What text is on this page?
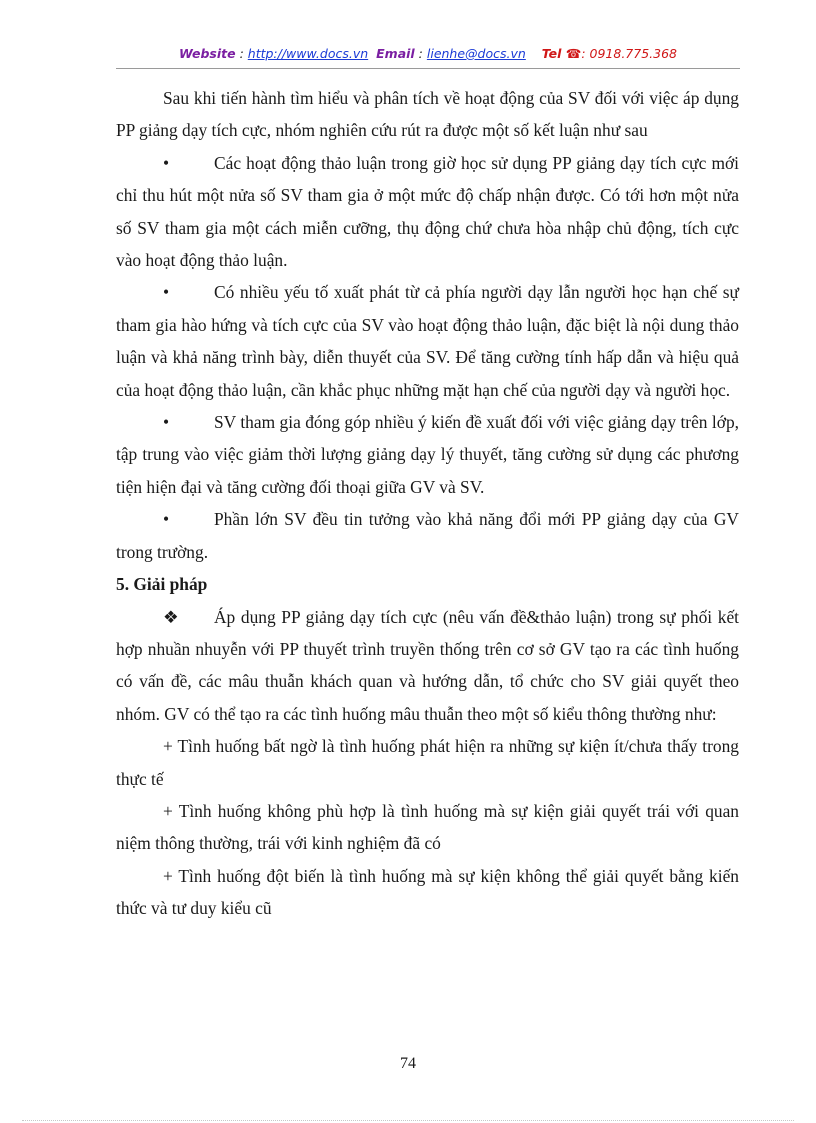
Website : http://www.docs.vn Email : lienhe@docs.vn Tel ☎: 0918.775.368

Sau khi tiến hành tìm hiểu và phân tích về hoạt động của SV đối với việc áp dụng PP giảng dạy tích cực, nhóm nghiên cứu rút ra được một số kết luận như sau

•	Các hoạt động thảo luận trong giờ học sử dụng PP giảng dạy tích cực mới chỉ thu hút một nửa số SV tham gia ở một mức độ chấp nhận được. Có tới hơn một nửa số SV tham gia một cách miễn cưỡng, thụ động chứ chưa hòa nhập chủ động, tích cực vào hoạt động thảo luận.

•	Có nhiều yếu tố xuất phát từ cả phía người dạy lẫn người học hạn chế sự tham gia hào hứng và tích cực của SV vào hoạt động thảo luận, đặc biệt là nội dung thảo luận và khả năng trình bày, diễn thuyết của SV. Để tăng cường tính hấp dẫn và hiệu quả của hoạt động thảo luận, cần khắc phục những mặt hạn chế của người dạy và người học.

•	SV tham gia đóng góp nhiều ý kiến đề xuất đối với việc giảng dạy trên lớp, tập trung vào việc giảm thời lượng giảng dạy lý thuyết, tăng cường sử dụng các phương tiện hiện đại và tăng cường đối thoại giữa GV và SV.

•	Phần lớn SV đều tin tưởng vào khả năng đổi mới PP giảng dạy của GV trong trường.

5. Giải pháp

❖ Áp dụng PP giảng dạy tích cực (nêu vấn đề&thảo luận) trong sự phối kết hợp nhuần nhuyễn với PP thuyết trình truyền thống trên cơ sở GV tạo ra các tình huống có vấn đề, các mâu thuẫn khách quan và hướng dẫn, tổ chức cho SV giải quyết theo nhóm. GV có thể tạo ra các tình huống mâu thuẫn theo một số kiểu thông thường như:

+ Tình huống bất ngờ là tình huống phát hiện ra những sự kiện ít/chưa thấy trong thực tế

+ Tình huống không phù hợp là tình huống mà sự kiện giải quyết trái với quan niệm thông thường, trái với kinh nghiệm đã có

+ Tình huống đột biến là tình huống mà sự kiện không thể giải quyết bằng kiến thức và tư duy kiểu cũ

74
